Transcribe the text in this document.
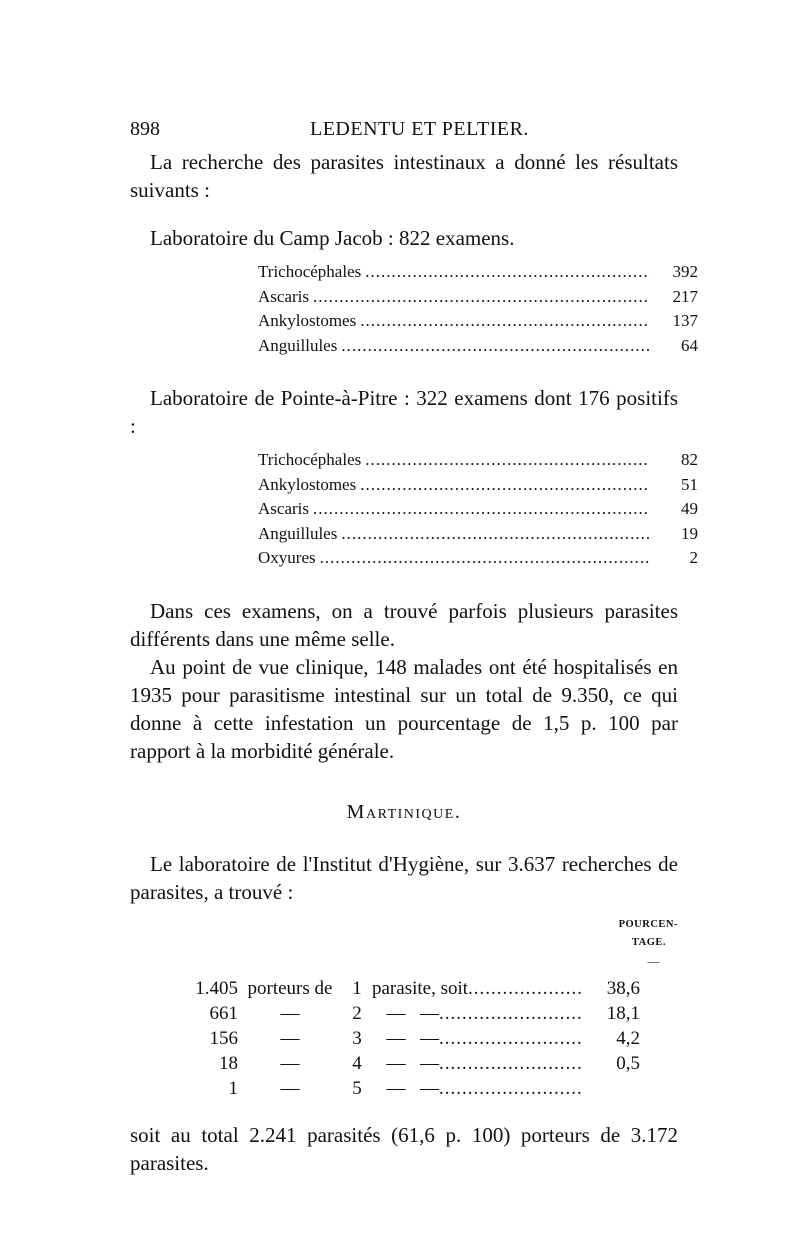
898	LEDENTU ET PELTIER.

La recherche des parasites intestinaux a donné les résultats suivants :

Laboratoire du Camp Jacob : 822 examens.

Trichocéphales .....	392
Ascaris .....	217
Ankylostomes .....	137
Anguillules .....	64

Laboratoire de Pointe-à-Pitre : 322 examens dont 176 positifs :

Trichocéphales .....	82
Ankylostomes .....	51
Ascaris .....	49
Anguillules .....	19
Oxyures .....	2

Dans ces examens, on a trouvé parfois plusieurs parasites différents dans une même selle.

Au point de vue clinique, 148 malades ont été hospitalisés en 1935 pour parasitisme intestinal sur un total de 9.350, ce qui donne à cette infestation un pourcentage de 1,5 p. 100 par rapport à la morbidité générale.

Martinique.

Le laboratoire de l'Institut d'Hygiène, sur 3.637 recherches de parasites, a trouvé :

POURCEN-
TAGE.
—
1.405 porteurs de	1 parasite, soit .....	38,6
661	—	2	— — .....	18,1
156	—	3	— — .....	4,2
18	—	4	— — .....	0,5
1	—	5	— —.....

soit au total 2.241 parasités (61,6 p. 100) porteurs de 3.172 parasites.
